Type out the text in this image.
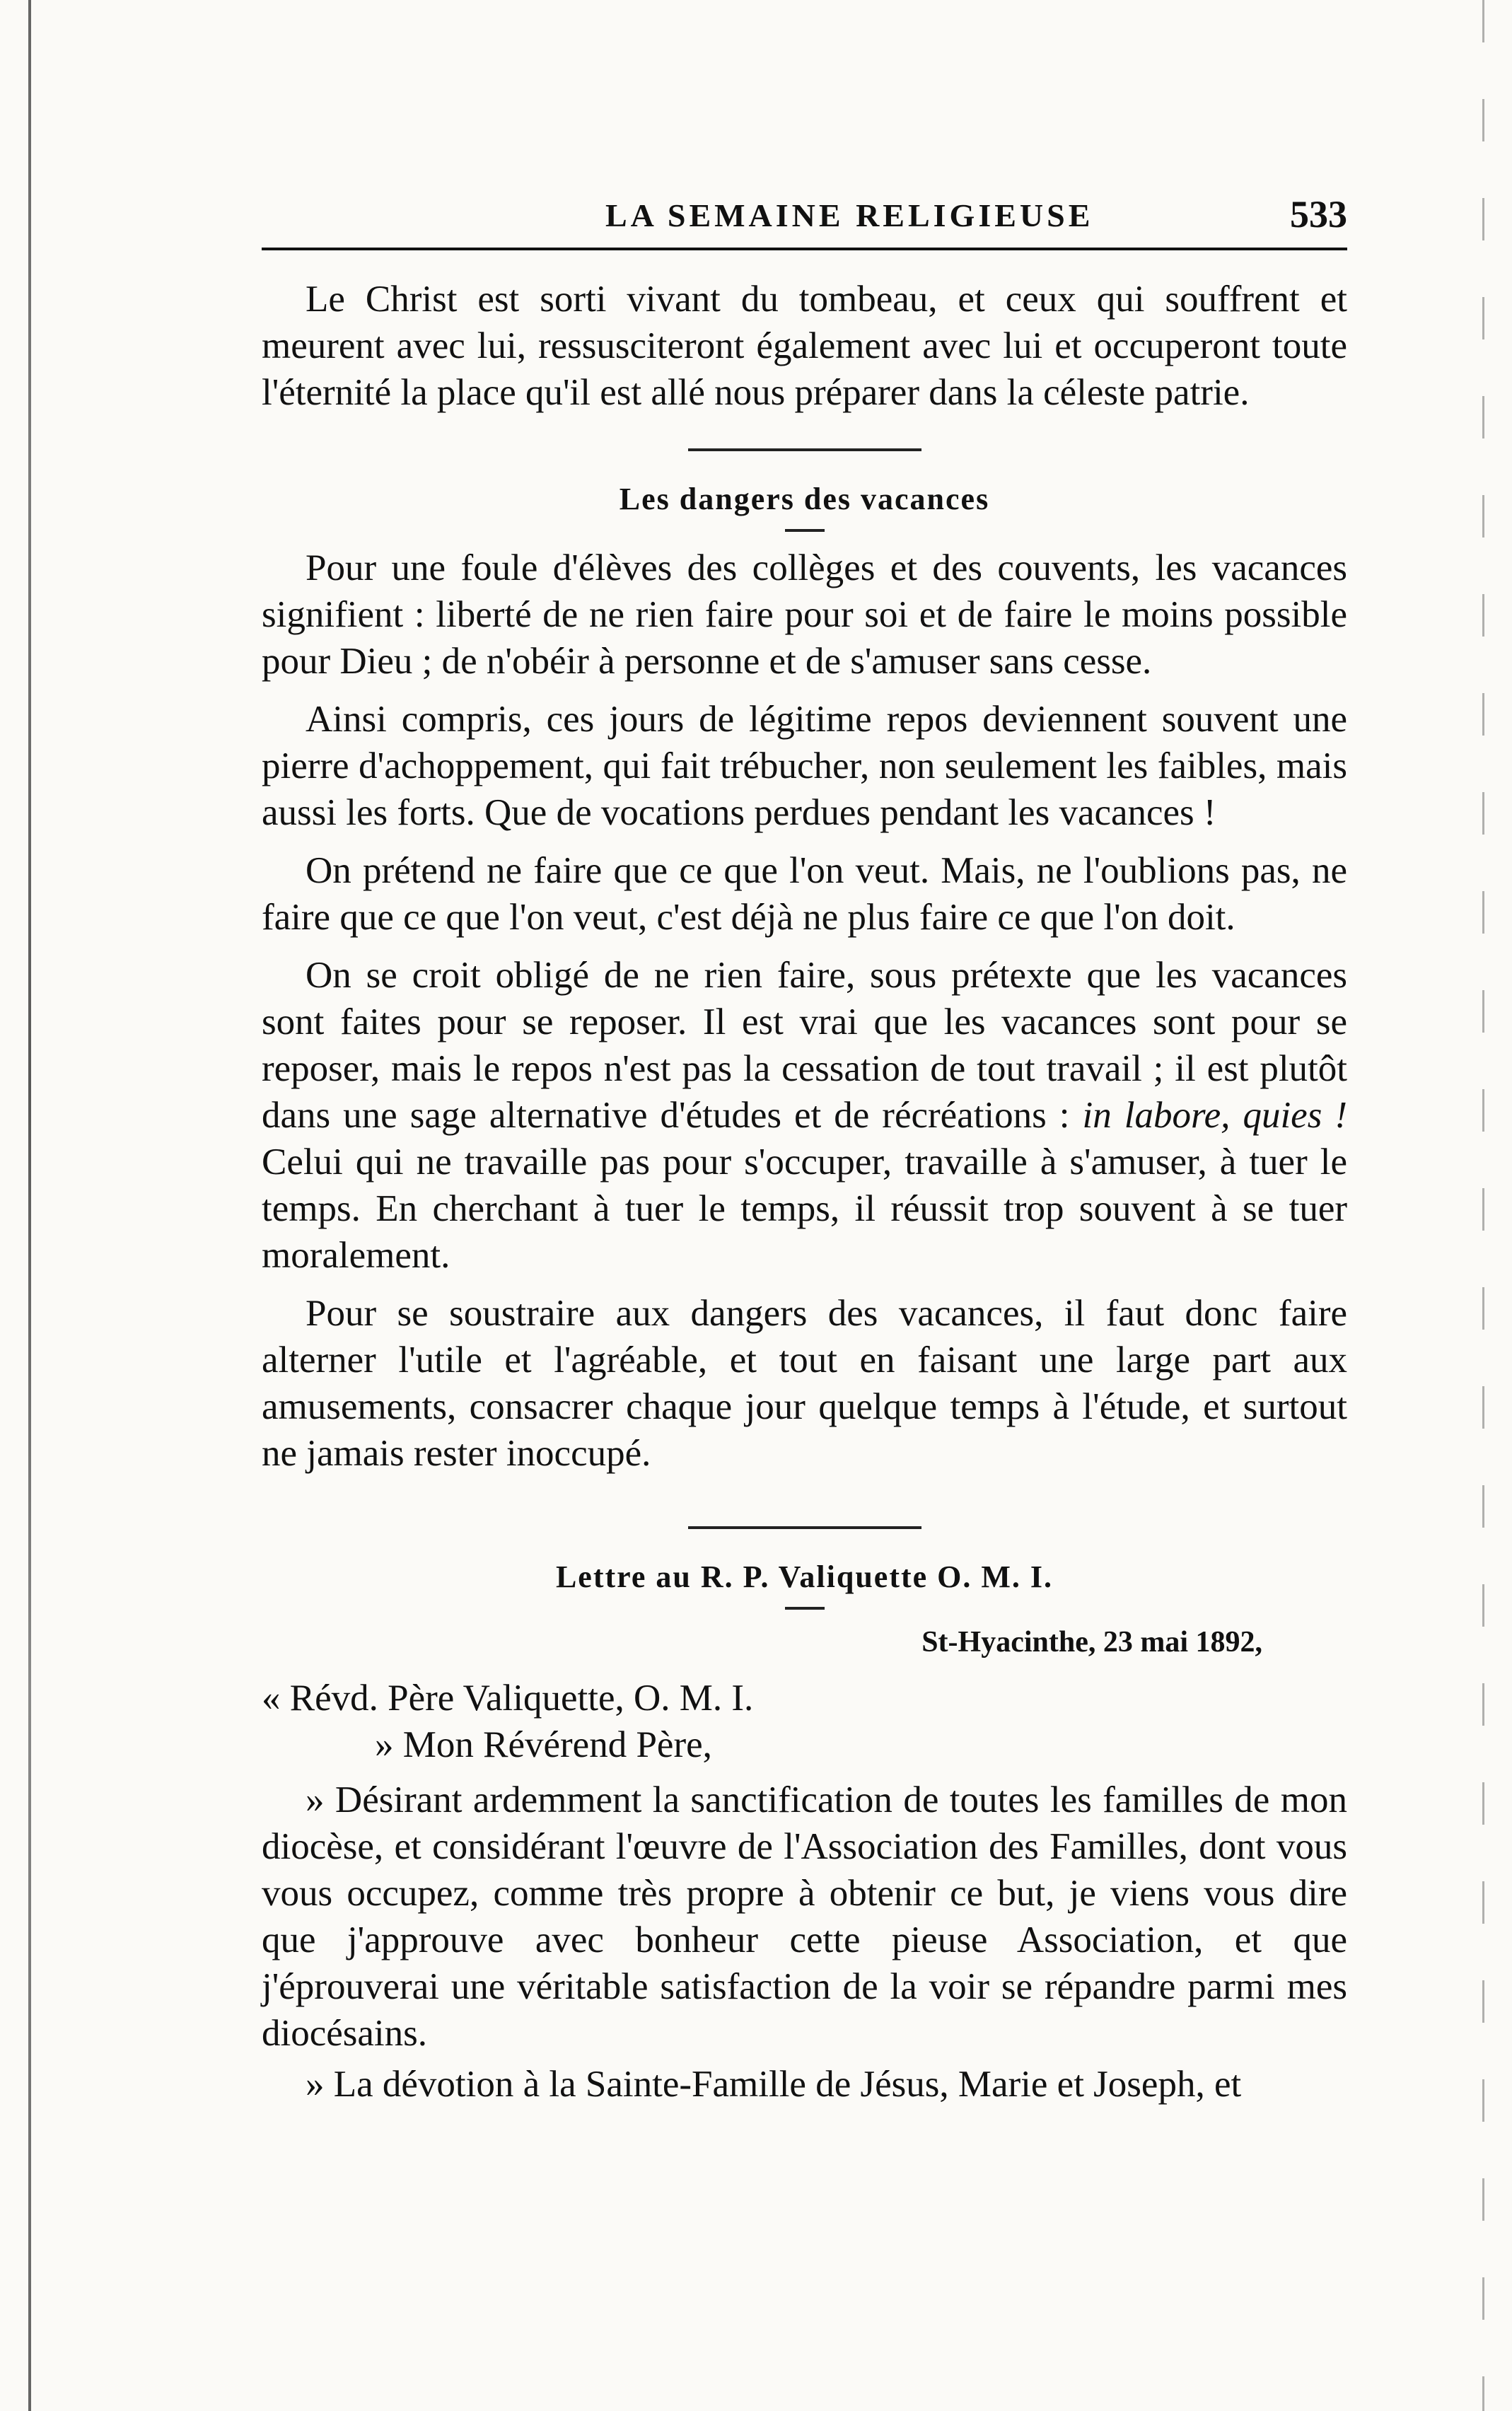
LA SEMAINE RELIGIEUSE	533

Le Christ est sorti vivant du tombeau, et ceux qui souffrent et meurent avec lui, ressusciteront également avec lui et occuperont toute l'éternité la place qu'il est allé nous préparer dans la céleste patrie.

Les dangers des vacances

Pour une foule d'élèves des collèges et des couvents, les vacances signifient : liberté de ne rien faire pour soi et de faire le moins possible pour Dieu ; de n'obéir à personne et de s'amuser sans cesse.

Ainsi compris, ces jours de légitime repos deviennent souvent une pierre d'achoppement, qui fait trébucher, non seulement les faibles, mais aussi les forts. Que de vocations perdues pendant les vacances !

On prétend ne faire que ce que l'on veut. Mais, ne l'oublions pas, ne faire que ce que l'on veut, c'est déjà ne plus faire ce que l'on doit.

On se croit obligé de ne rien faire, sous prétexte que les vacances sont faites pour se reposer. Il est vrai que les vacances sont pour se reposer, mais le repos n'est pas la cessation de tout travail ; il est plutôt dans une sage alternative d'études et de récréations : in labore, quies ! Celui qui ne travaille pas pour s'occuper, travaille à s'amuser, à tuer le temps. En cherchant à tuer le temps, il réussit trop souvent à se tuer moralement.

Pour se soustraire aux dangers des vacances, il faut donc faire alterner l'utile et l'agréable, et tout en faisant une large part aux amusements, consacrer chaque jour quelque temps à l'étude, et surtout ne jamais rester inoccupé.

Lettre au R. P. Valiquette O. M. I.
St-Hyacinthe, 23 mai 1892,
« Révd. Père Valiquette, O. M. I.
» Mon Révérend Père,

» Désirant ardemment la sanctification de toutes les familles de mon diocèse, et considérant l'œuvre de l'Association des Familles, dont vous vous occupez, comme très propre à obtenir ce but, je viens vous dire que j'approuve avec bonheur cette pieuse Association, et que j'éprouverai une véritable satisfaction de la voir se répandre parmi mes diocésains.

» La dévotion à la Sainte-Famille de Jésus, Marie et Joseph, et
